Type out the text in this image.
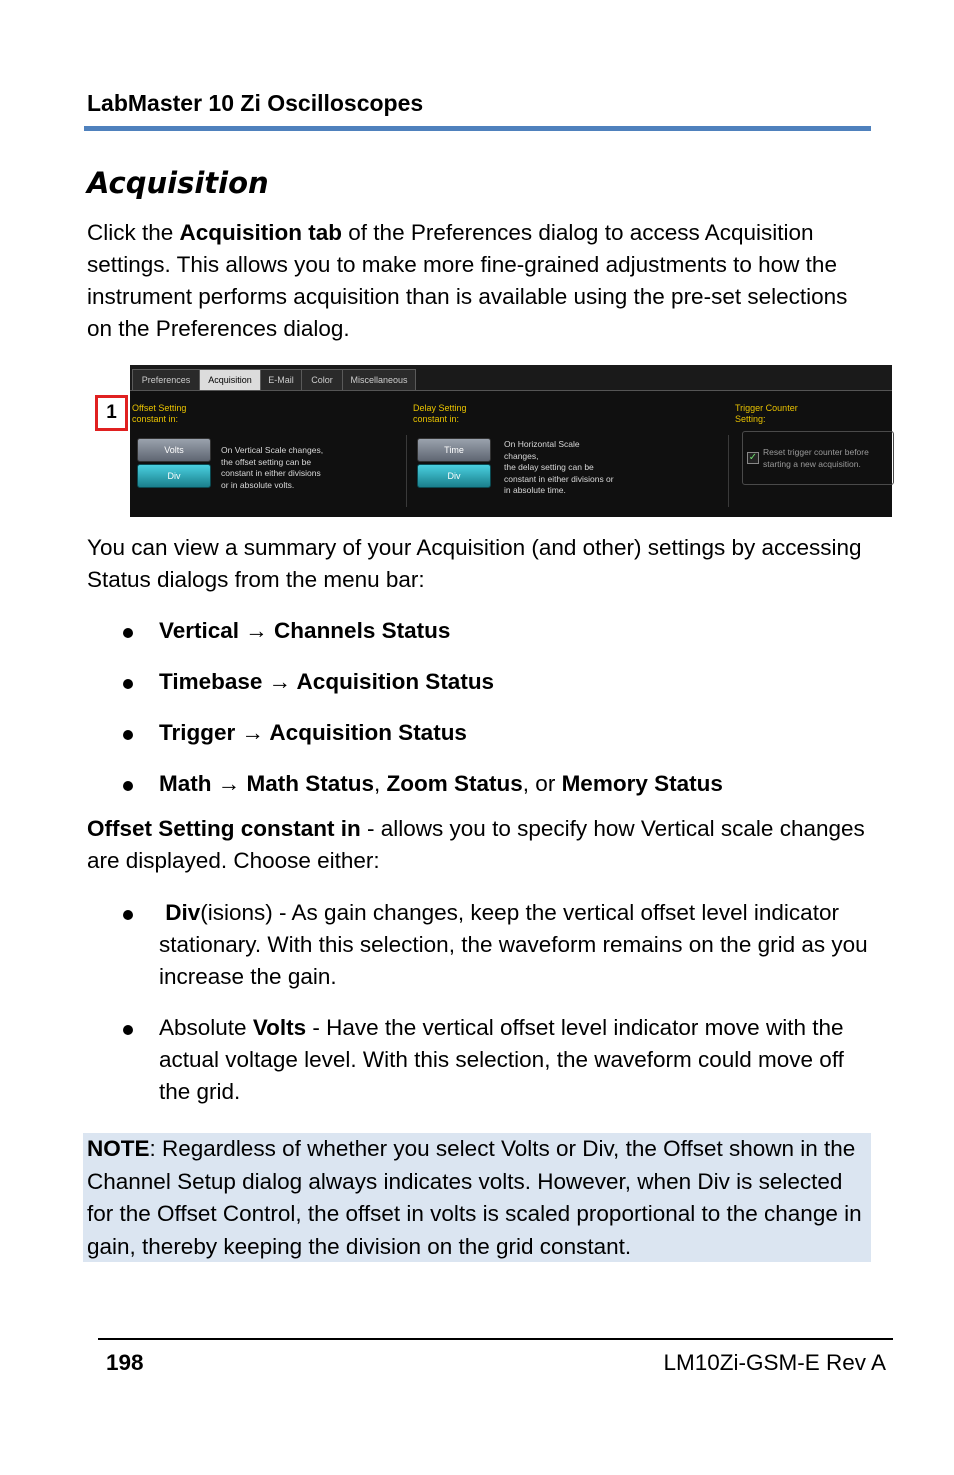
LabMaster 10 Zi Oscilloscopes
Acquisition
Click the Acquisition tab of the Preferences dialog to access Acquisition settings. This allows you to make more fine-grained adjustments to how the instrument performs acquisition than is available using the pre-set selections on the Preferences dialog.
1
Preferences	Acquisition	E-Mail	Color	Miscellaneous
Offset Setting
constant in:
Volts
Div
On Vertical Scale changes,
the offset setting can be
constant in either divisions
or in absolute volts.
Delay Setting
constant in:
Time
Div
On Horizontal Scale
changes,
the delay setting can be
constant in either divisions or
in absolute time.
Trigger Counter
Setting:
✓ Reset trigger counter before
starting a new acquisition.
You can view a summary of your Acquisition (and other) settings by accessing Status dialogs from the menu bar:
Vertical → Channels Status
Timebase → Acquisition Status
Trigger → Acquisition Status
Math → Math Status, Zoom Status, or Memory Status
Offset Setting constant in - allows you to specify how Vertical scale changes are displayed. Choose either:
Div(isions) - As gain changes, keep the vertical offset level indicator stationary. With this selection, the waveform remains on the grid as you increase the gain.
Absolute Volts - Have the vertical offset level indicator move with the actual voltage level. With this selection, the waveform could move off the grid.
NOTE: Regardless of whether you select Volts or Div, the Offset shown in the Channel Setup dialog always indicates volts. However, when Div is selected for the Offset Control, the offset in volts is scaled proportional to the change in gain, thereby keeping the division on the grid constant.
198	LM10Zi-GSM-E Rev A
